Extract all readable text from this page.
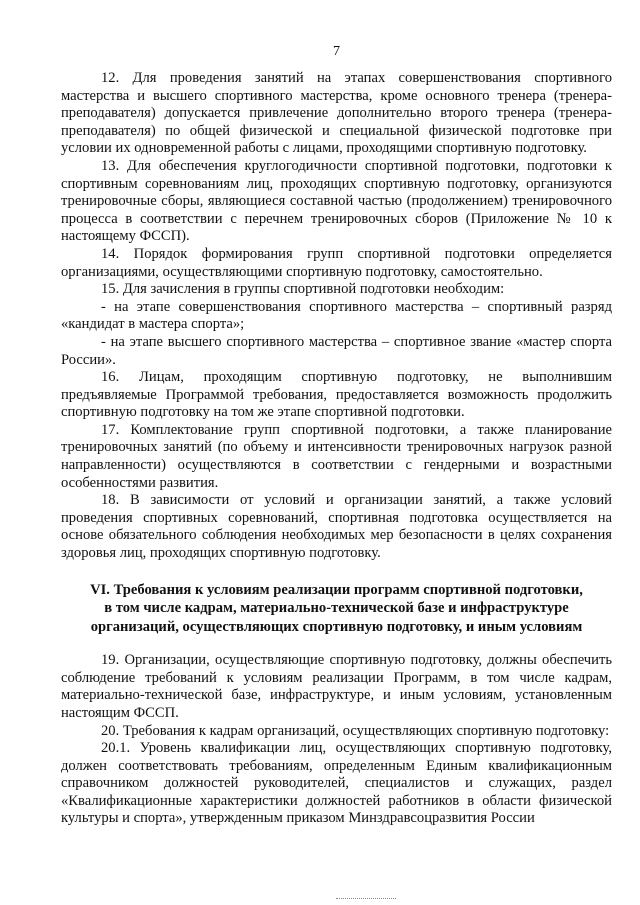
7

12. Для проведения занятий на этапах совершенствования спортивного мастерства и высшего спортивного мастерства, кроме основного тренера (тренера-преподавателя) допускается привлечение дополнительно второго тренера (тренера-преподавателя) по общей физической и специальной физической подготовке при условии их одновременной работы с лицами, проходящими спортивную подготовку.

13. Для обеспечения круглогодичности спортивной подготовки, подготовки к спортивным соревнованиям лиц, проходящих спортивную подготовку, организуются тренировочные сборы, являющиеся составной частью (продолжением) тренировочного процесса в соответствии с перечнем тренировочных сборов (Приложение № 10 к настоящему ФССП).

14. Порядок формирования групп спортивной подготовки определяется организациями, осуществляющими спортивную подготовку, самостоятельно.

15. Для зачисления в группы спортивной подготовки необходим:

- на этапе совершенствования спортивного мастерства – спортивный разряд «кандидат в мастера спорта»;

- на этапе высшего спортивного мастерства – спортивное звание «мастер спорта России».

16. Лицам, проходящим спортивную подготовку, не выполнившим предъявляемые Программой требования, предоставляется возможность продолжить спортивную подготовку на том же этапе спортивной подготовки.

17. Комплектование групп спортивной подготовки, а также планирование тренировочных занятий (по объему и интенсивности тренировочных нагрузок разной направленности) осуществляются в соответствии с гендерными и возрастными особенностями развития.

18. В зависимости от условий и организации занятий, а также условий проведения спортивных соревнований, спортивная подготовка осуществляется на основе обязательного соблюдения необходимых мер безопасности в целях сохранения здоровья лиц, проходящих спортивную подготовку.

VI. Требования к условиям реализации программ спортивной подготовки,
в том числе кадрам, материально-технической базе и инфраструктуре
организаций, осуществляющих спортивную подготовку, и иным условиям

19. Организации, осуществляющие спортивную подготовку, должны обеспечить соблюдение требований к условиям реализации Программ, в том числе кадрам, материально-технической базе, инфраструктуре, и иным условиям, установленным настоящим ФССП.

20. Требования к кадрам организаций, осуществляющих спортивную подготовку:

20.1. Уровень квалификации лиц, осуществляющих спортивную подготовку, должен соответствовать требованиям, определенным Единым квалификационным справочником должностей руководителей, специалистов и служащих, раздел «Квалификационные характеристики должностей работников в области физической культуры и спорта», утвержденным приказом Минздравсоцразвития России
